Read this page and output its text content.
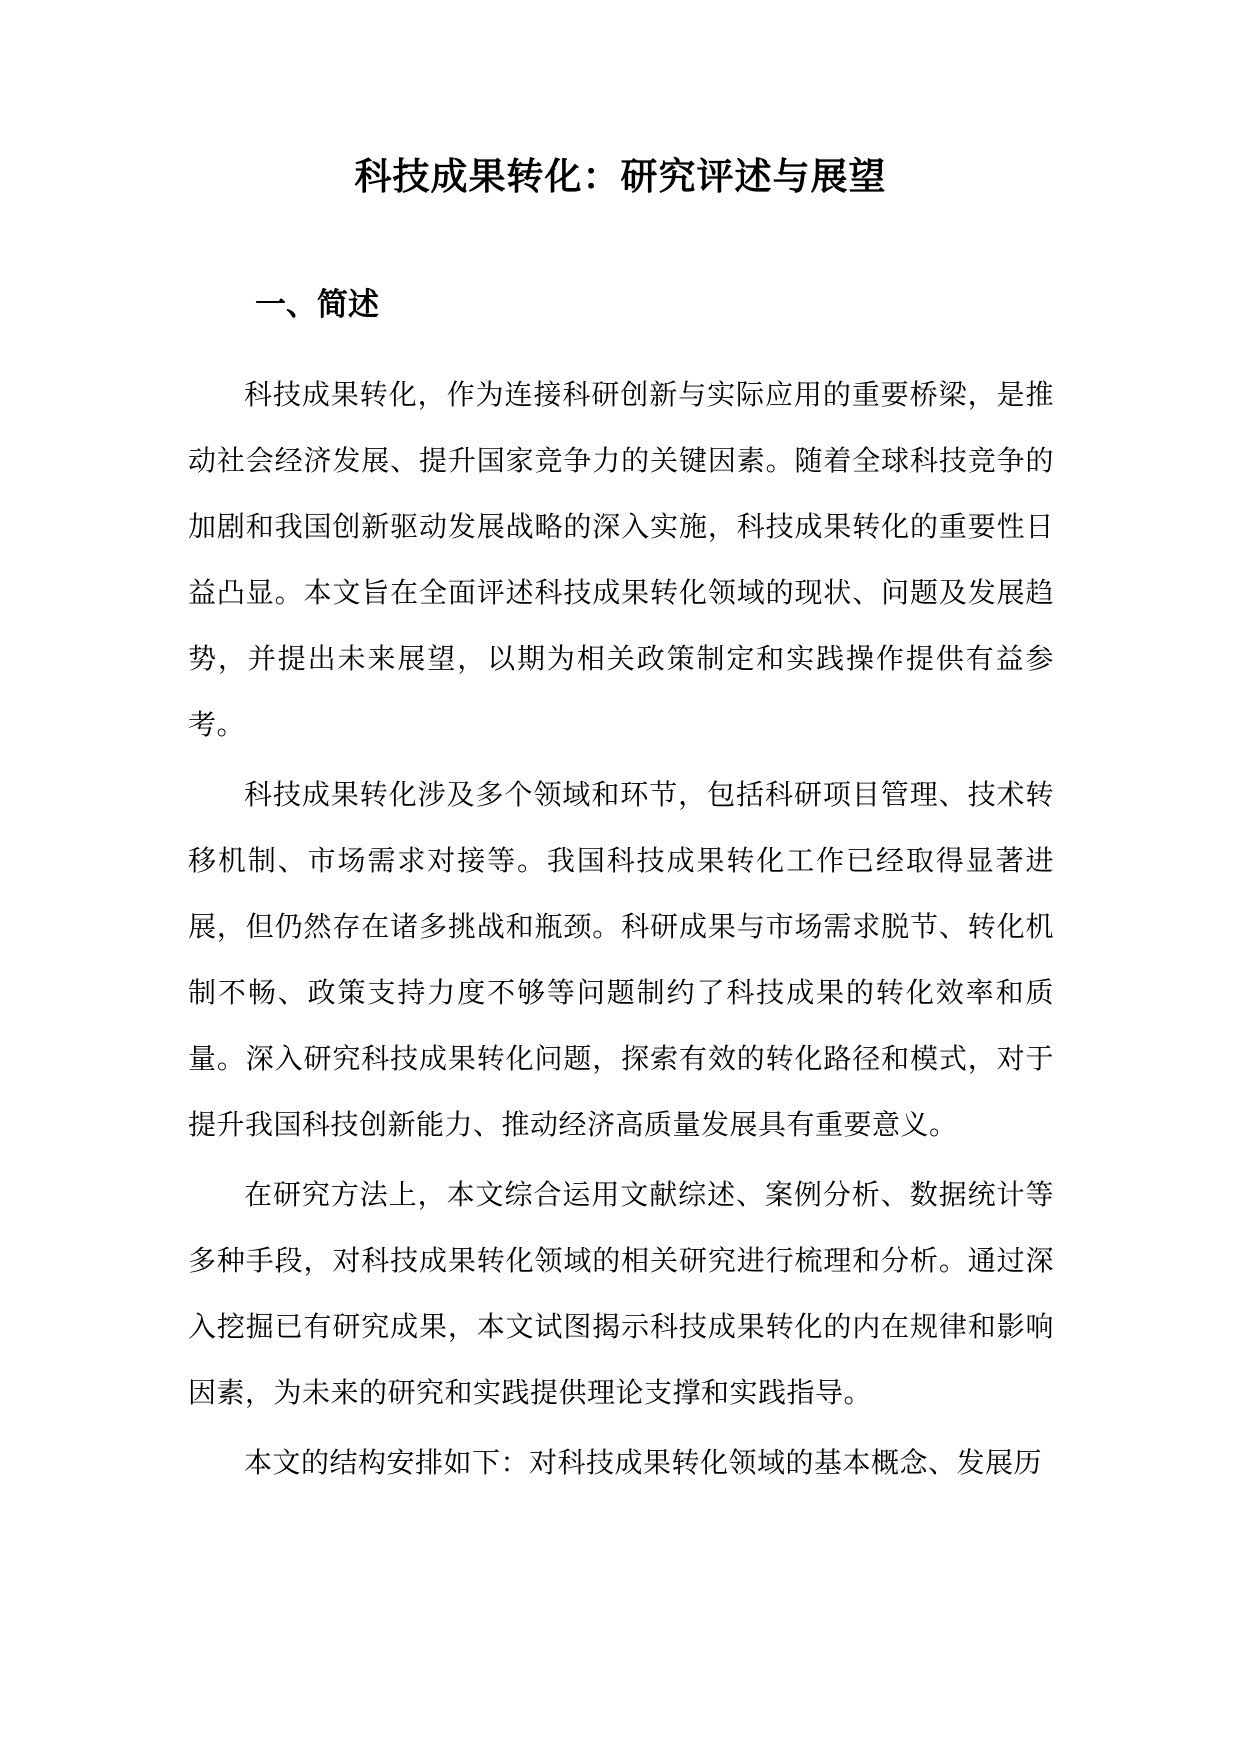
科技成果转化：研究评述与展望
一、简述

科技成果转化，作为连接科研创新与实际应用的重要桥梁，是推动社会经济发展、提升国家竞争力的关键因素。随着全球科技竞争的加剧和我国创新驱动发展战略的深入实施，科技成果转化的重要性日益凸显。本文旨在全面评述科技成果转化领域的现状、问题及发展趋势，并提出未来展望，以期为相关政策制定和实践操作提供有益参考。

科技成果转化涉及多个领域和环节，包括科研项目管理、技术转移机制、市场需求对接等。我国科技成果转化工作已经取得显著进展，但仍然存在诸多挑战和瓶颈。科研成果与市场需求脱节、转化机制不畅、政策支持力度不够等问题制约了科技成果的转化效率和质量。深入研究科技成果转化问题，探索有效的转化路径和模式，对于提升我国科技创新能力、推动经济高质量发展具有重要意义。

在研究方法上，本文综合运用文献综述、案例分析、数据统计等多种手段，对科技成果转化领域的相关研究进行梳理和分析。通过深入挖掘已有研究成果，本文试图揭示科技成果转化的内在规律和影响因素，为未来的研究和实践提供理论支撑和实践指导。

本文的结构安排如下：对科技成果转化领域的基本概念、发展历
